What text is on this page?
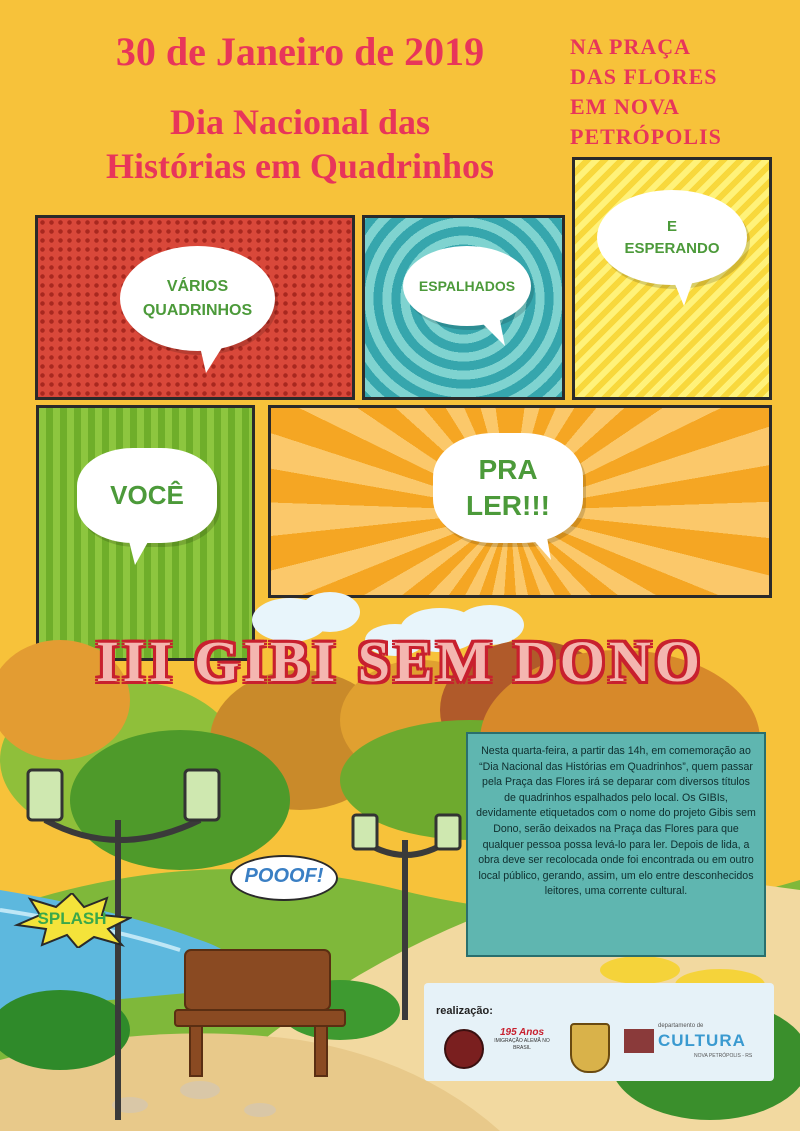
30 de Janeiro de 2019
Dia Nacional das
Histórias em Quadrinhos
NA PRAÇA
DAS FLORES
EM NOVA
PETRÓPOLIS
VÁRIOS
QUADRINHOS
ESPALHADOS
E
ESPERANDO
VOCÊ
PRA
LER!!!
SPLASH
POOOF!
III GIBI SEM DONO
Nesta quarta-feira, a partir das 14h, em comemoração ao “Dia Nacional das Histórias em Quadrinhos”, quem passar pela Praça das Flores irá se deparar com diversos títulos de quadrinhos espalhados pelo local. Os GIBIs, devidamente etiquetados com o nome do projeto Gibis sem Dono, serão deixados na Praça das Flores para que qualquer pessoa possa levá-lo para ler. Depois de lida, a obra deve ser recolocada onde foi encontrada ou em outro local público, gerando, assim, um elo entre desconhecidos leitores, uma corrente cultural.
realização:
195 Anos
IMIGRAÇÃO ALEMÃ NO BRASIL
departamento de
CULTURA
NOVA PETRÓPOLIS - RS
